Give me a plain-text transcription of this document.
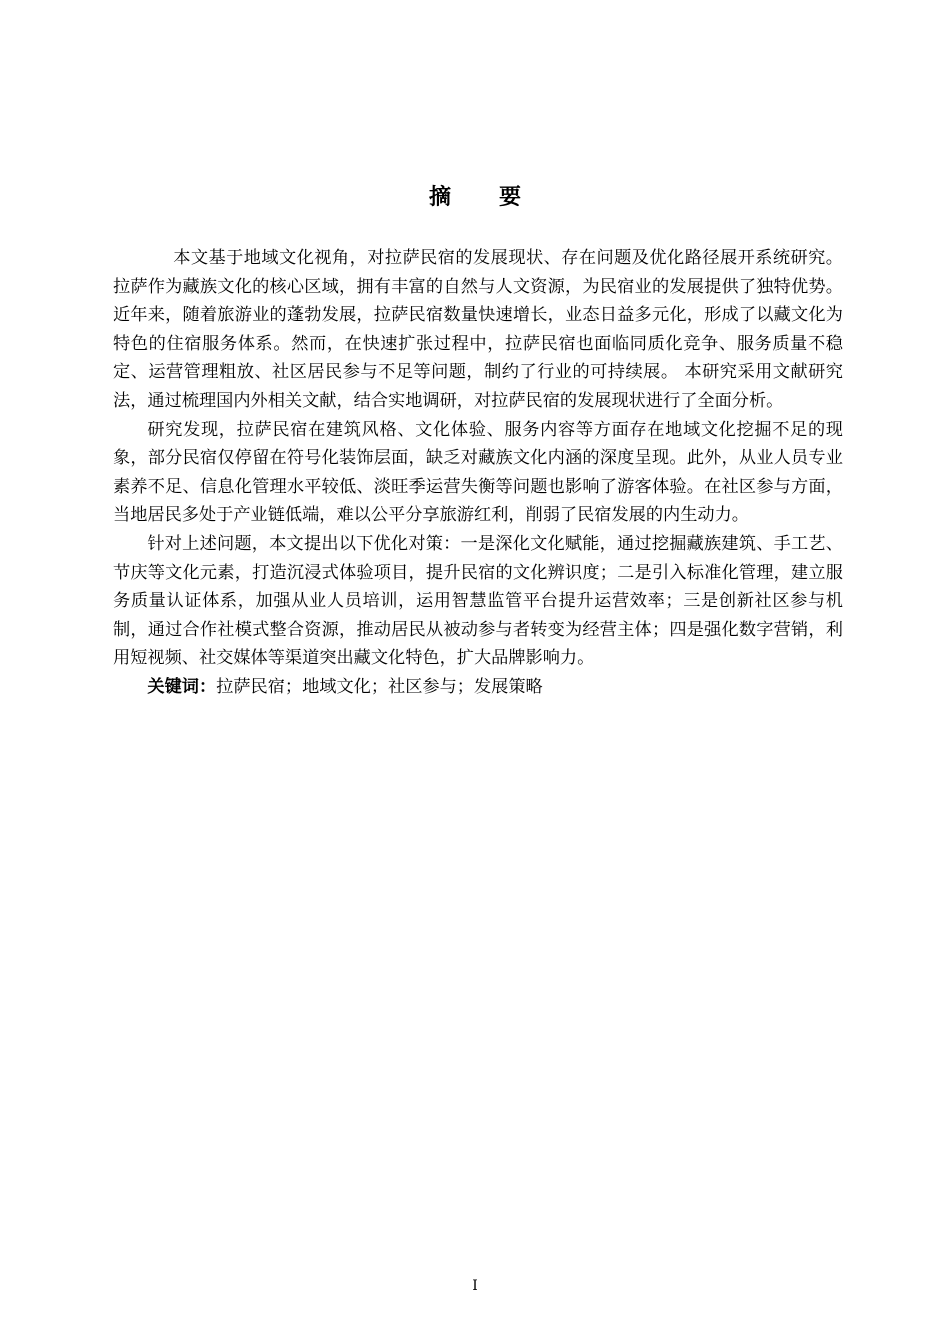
摘 要

本文基于地域文化视角，对拉萨民宿的发展现状、存在问题及优化路径展开系统研究。拉萨作为藏族文化的核心区域，拥有丰富的自然与人文资源，为民宿业的发展提供了独特优势。近年来，随着旅游业的蓬勃发展，拉萨民宿数量快速增长，业态日益多元化，形成了以藏文化为特色的住宿服务体系。然而，在快速扩张过程中，拉萨民宿也面临同质化竞争、服务质量不稳定、运营管理粗放、社区居民参与不足等问题，制约了行业的可持续展。 本研究采用文献研究法，通过梳理国内外相关文献，结合实地调研，对拉萨民宿的发展现状进行了全面分析。

研究发现，拉萨民宿在建筑风格、文化体验、服务内容等方面存在地域文化挖掘不足的现象，部分民宿仅停留在符号化装饰层面，缺乏对藏族文化内涵的深度呈现。此外，从业人员专业素养不足、信息化管理水平较低、淡旺季运营失衡等问题也影响了游客体验。在社区参与方面，当地居民多处于产业链低端，难以公平分享旅游红利，削弱了民宿发展的内生动力。

针对上述问题，本文提出以下优化对策：一是深化文化赋能，通过挖掘藏族建筑、手工艺、节庆等文化元素，打造沉浸式体验项目，提升民宿的文化辨识度；二是引入标准化管理，建立服务质量认证体系，加强从业人员培训，运用智慧监管平台提升运营效率；三是创新社区参与机制，通过合作社模式整合资源，推动居民从被动参与者转变为经营主体；四是强化数字营销，利用短视频、社交媒体等渠道突出藏文化特色，扩大品牌影响力。

关键词：拉萨民宿；地域文化；社区参与；发展策略

I
